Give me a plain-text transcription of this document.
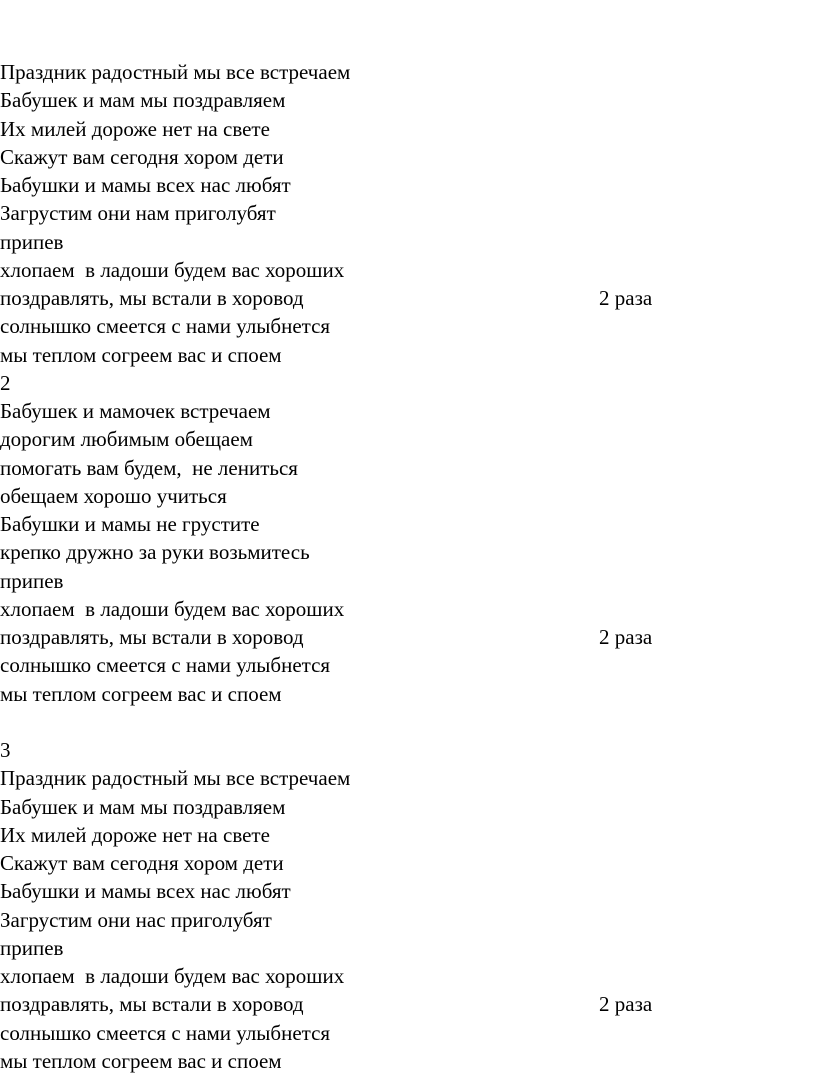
Праздник радостный мы все встречаем
Бабушек и мам мы поздравляем
Их милей дороже нет на свете
Скажут вам сегодня хором дети
Ьабушки и мамы всех нас любят
Загрустим они нам приголубят
припев
хлопаем  в ладоши будем вас хороших
поздравлять, мы встали в хоровод	2 раза
солнышко смеется с нами улыбнется
мы теплом согреем вас и споем
2
Бабушек и мамочек встречаем
дорогим любимым обещаем
помогать вам будем,  не лениться
обещаем хорошо учиться
Бабушки и мамы не грустите
крепко дружно за руки возьмитесь
припев
хлопаем  в ладоши будем вас хороших
поздравлять, мы встали в хоровод	2 раза
солнышко смеется с нами улыбнется
мы теплом согреем вас и споем
3
Праздник радостный мы все встречаем
Бабушек и мам мы поздравляем
Их милей дороже нет на свете
Скажут вам сегодня хором дети
Ьабушки и мамы всех нас любят
Загрустим они нас приголубят
припев
хлопаем  в ладоши будем вас хороших
поздравлять, мы встали в хоровод	2 раза
солнышко смеется с нами улыбнется
мы теплом согреем вас и споем
